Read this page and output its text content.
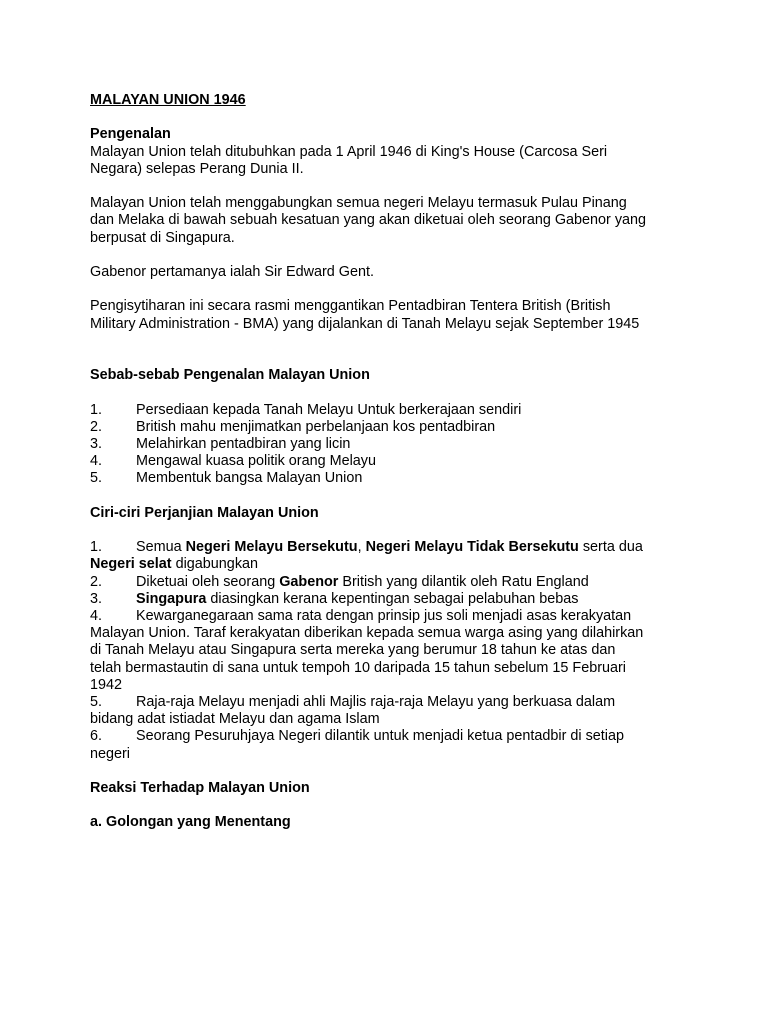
MALAYAN UNION 1946
Pengenalan
Malayan Union telah ditubuhkan pada 1 April 1946 di King's House (Carcosa Seri
Negara) selepas Perang Dunia II.
Malayan Union telah menggabungkan semua negeri Melayu termasuk Pulau Pinang
dan Melaka di bawah sebuah kesatuan yang akan diketuai oleh seorang Gabenor yang
berpusat di Singapura.
Gabenor pertamanya ialah Sir Edward Gent.
Pengisytiharan ini secara rasmi menggantikan Pentadbiran Tentera British (British
Military Administration - BMA) yang dijalankan di Tanah Melayu sejak September 1945
Sebab-sebab Pengenalan Malayan Union
1. Persediaan kepada Tanah Melayu Untuk berkerajaan sendiri
2. British mahu menjimatkan perbelanjaan kos pentadbiran
3. Melahirkan pentadbiran yang licin
4. Mengawal kuasa politik orang Melayu
5. Membentuk bangsa Malayan Union
Ciri-ciri Perjanjian Malayan Union
1. Semua Negeri Melayu Bersekutu, Negeri Melayu Tidak Bersekutu serta dua
Negeri selat digabungkan
2. Diketuai oleh seorang Gabenor British yang dilantik oleh Ratu England
3. Singapura diasingkan kerana kepentingan sebagai pelabuhan bebas
4. Kewarganegaraan sama rata dengan prinsip jus soli menjadi asas kerakyatan
Malayan Union. Taraf kerakyatan diberikan kepada semua warga asing yang dilahirkan
di Tanah Melayu atau Singapura serta mereka yang berumur 18 tahun ke atas dan
telah bermastautin di sana untuk tempoh 10 daripada 15 tahun sebelum 15 Februari
1942
5. Raja-raja Melayu menjadi ahli Majlis raja-raja Melayu yang berkuasa dalam
bidang adat istiadat Melayu dan agama Islam
6. Seorang Pesuruhjaya Negeri dilantik untuk menjadi ketua pentadbir di setiap
negeri
Reaksi Terhadap Malayan Union
a. Golongan yang Menentang
